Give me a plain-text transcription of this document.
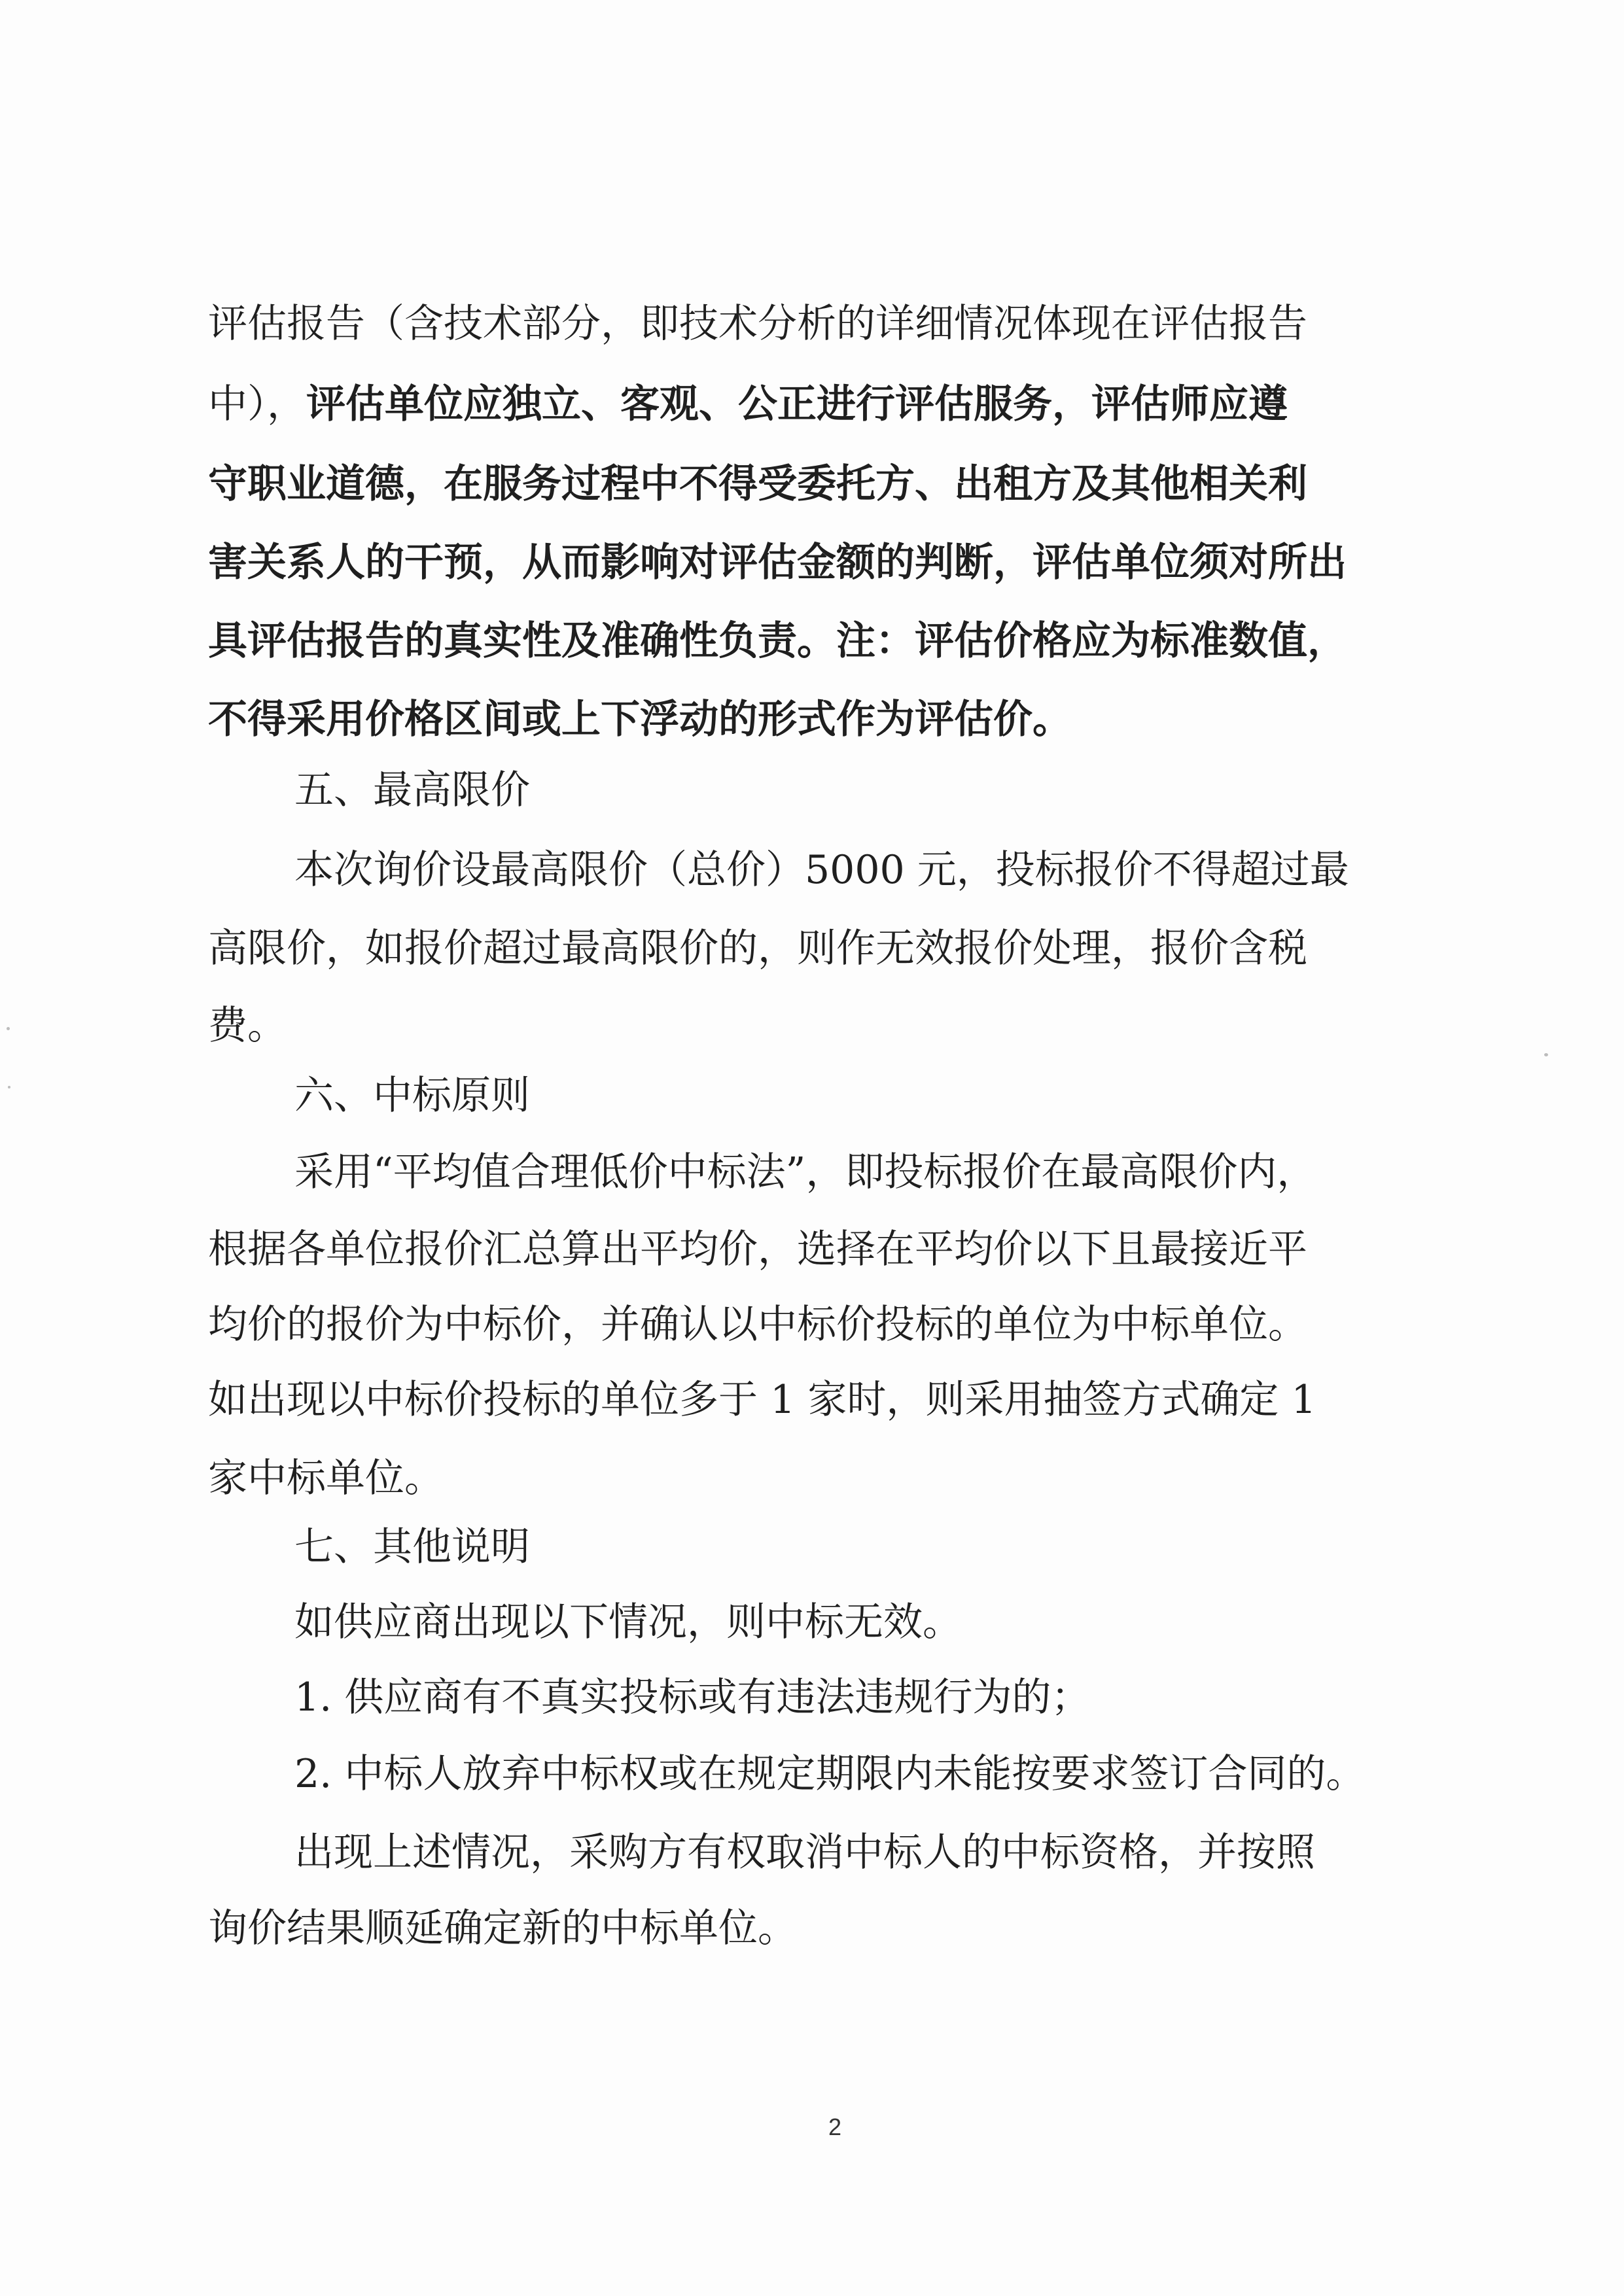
评估报告（含技术部分，即技术分析的详细情况体现在评估报告
中），评估单位应独立、客观、公正进行评估服务，评估师应遵
守职业道德，在服务过程中不得受委托方、出租方及其他相关利
害关系人的干预，从而影响对评估金额的判断，评估单位须对所出
具评估报告的真实性及准确性负责。注：评估价格应为标准数值，
不得采用价格区间或上下浮动的形式作为评估价。
五、最高限价
本次询价设最高限价（总价）5000 元，投标报价不得超过最
高限价，如报价超过最高限价的，则作无效报价处理，报价含税
费。
六、中标原则
采用“平均值合理低价中标法”，即投标报价在最高限价内，
根据各单位报价汇总算出平均价，选择在平均价以下且最接近平
均价的报价为中标价，并确认以中标价投标的单位为中标单位。
如出现以中标价投标的单位多于 1 家时，则采用抽签方式确定 1
家中标单位。
七、其他说明
如供应商出现以下情况，则中标无效。
1. 供应商有不真实投标或有违法违规行为的；
2. 中标人放弃中标权或在规定期限内未能按要求签订合同的。
出现上述情况，采购方有权取消中标人的中标资格，并按照
询价结果顺延确定新的中标单位。
2
